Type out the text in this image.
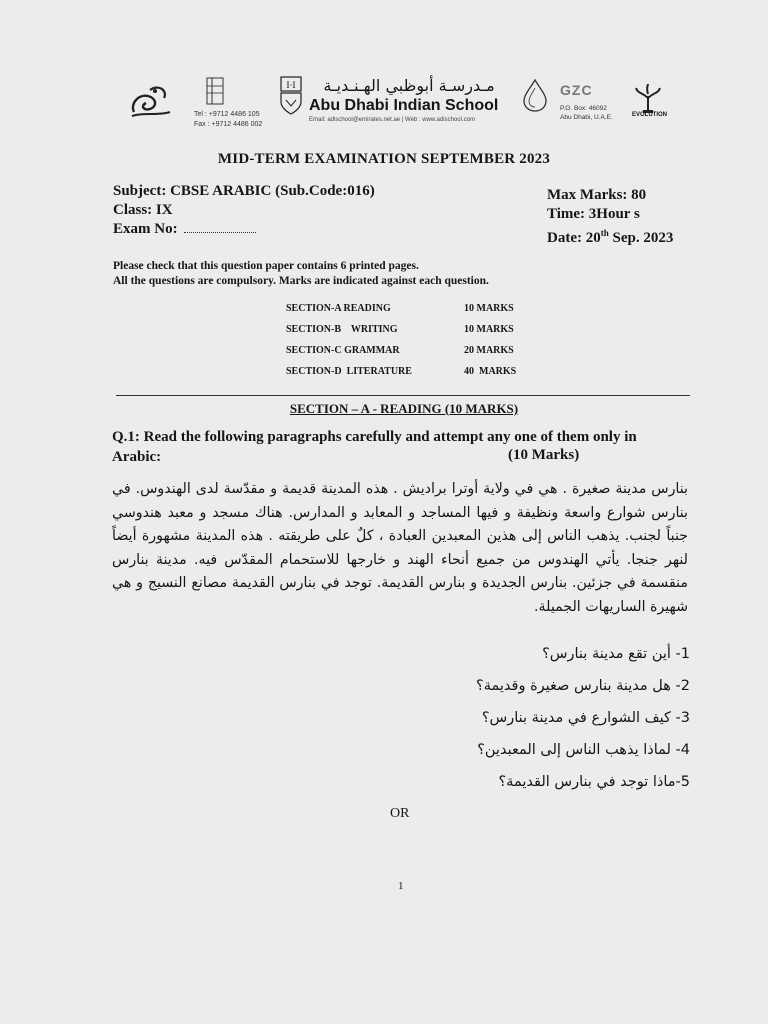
Tel : +9712 4486 105
Fax : +9712 4486 002
I·I	مـدرسـة أبوظبي الهـنـديـة
Abu Dhabi Indian School
Email: adischool@emirates.net.ae | Web : www.adischool.com
GZC
P.O. Box: 46092
Abu Dhabi, U.A.E.	EVOLUTION
MID-TERM EXAMINATION SEPTEMBER 2023
Subject: CBSE ARABIC (Sub.Code:016)
Class: IX
Exam No:
Max Marks: 80
Time: 3Hour s
Date: 20th Sep. 2023
Please check that this question paper contains 6 printed pages.
All the questions are compulsory. Marks are indicated against each question.
SECTION-A READING	10 MARKS
SECTION-B    WRITING	10 MARKS
SECTION-C GRAMMAR	20 MARKS
SECTION-D  LITERATURE	40  MARKS
SECTION – A - READING (10 MARKS)
Q.1: Read the following paragraphs carefully and attempt any one of them only in Arabic:	(10 Marks)
بنارس مدينة صغيرة . هي في ولاية أوترا براديش . هذه المدينة قديمة و مقدّسة لدى الهندوس. في بنارس شوارع واسعة ونظيفة و فيها المساجد و المعابد و المدارس. هناك مسجد و معبد هندوسي جنباً لجنب. يذهب الناس إلى هذين المعبدين العبادة ، كلٌ على طريقته . هذه المدينة مشهورة أيضاً لنهر جنجا. يأتي الهندوس من جميع أنحاء الهند و خارجها للاستحمام المقدّس فيه. مدينة بنارس منقسمة في جزئين. بنارس الجديدة و بنارس القديمة. توجد في بنارس القديمة مصانع النسيج و هي شهيرة الساريهات الجميلة.
1- أين تقع مدينة بنارس؟
2- هل مدينة بنارس صغيرة وقديمة؟
3- كيف الشوارع في مدينة بنارس؟
4- لماذا يذهب الناس إلى المعبدين؟
5-ماذا توجد في بنارس القديمة؟
OR
1
